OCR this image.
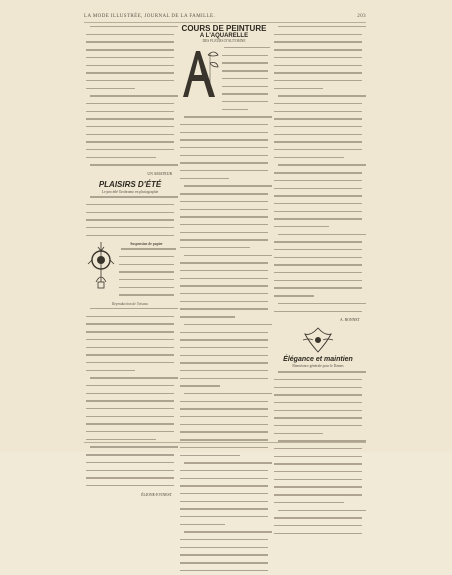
LA MODE ILLUSTRÉE, JOURNAL DE LA FAMILLE.	203
UN AMATEUR
PLAISIRS D'ÉTÉ
Le procédé Ozobromo en photographie
Suspension de papier
Reproduction de l'oiseau
ÉLIONE-EVINEST
COURS DE PEINTURE
A L'AQUARELLE
DES FLEURS D'AUTOMNE
A. BONNET
Élégance et maintien
Bienséance générale pour le Dames
